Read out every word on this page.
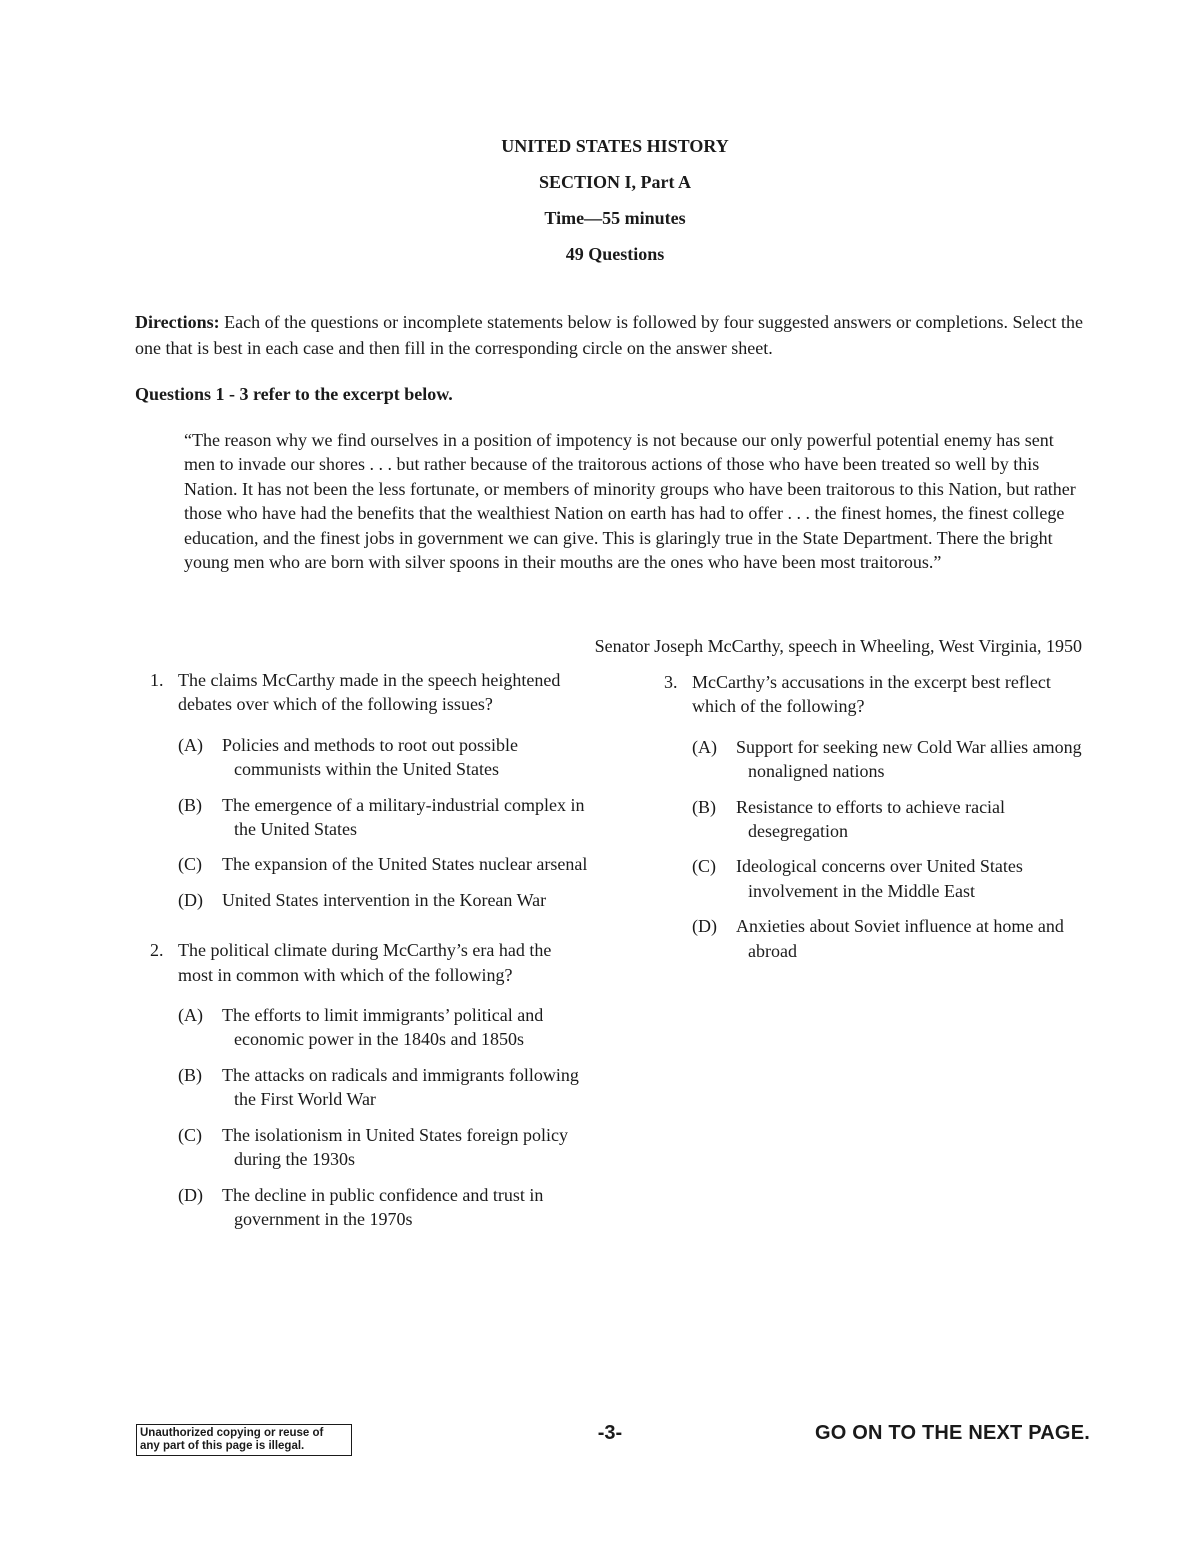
UNITED STATES HISTORY
SECTION I, Part A
Time—55 minutes
49 Questions
Directions: Each of the questions or incomplete statements below is followed by four suggested answers or completions. Select the one that is best in each case and then fill in the corresponding circle on the answer sheet.
Questions 1 - 3 refer to the excerpt below.
“The reason why we find ourselves in a position of impotency is not because our only powerful potential enemy has sent men to invade our shores . . . but rather because of the traitorous actions of those who have been treated so well by this Nation. It has not been the less fortunate, or members of minority groups who have been traitorous to this Nation, but rather those who have had the benefits that the wealthiest Nation on earth has had to offer . . . the finest homes, the finest college education, and the finest jobs in government we can give. This is glaringly true in the State Department. There the bright young men who are born with silver spoons in their mouths are the ones who have been most traitorous.”
Senator Joseph McCarthy, speech in Wheeling, West Virginia, 1950
1. The claims McCarthy made in the speech heightened debates over which of the following issues?
(A)	Policies and methods to root out possible communists within the United States
(B)	The emergence of a military-industrial complex in the United States
(C)	The expansion of the United States nuclear arsenal
(D)	United States intervention in the Korean War
2. The political climate during McCarthy’s era had the most in common with which of the following?
(A)	The efforts to limit immigrants’ political and economic power in the 1840s and 1850s
(B)	The attacks on radicals and immigrants following the First World War
(C)	The isolationism in United States foreign policy during the 1930s
(D)	The decline in public confidence and trust in government in the 1970s
3. McCarthy’s accusations in the excerpt best reflect which of the following?
(A)	Support for seeking new Cold War allies among nonaligned nations
(B)	Resistance to efforts to achieve racial desegregation
(C)	Ideological concerns over United States involvement in the Middle East
(D)	Anxieties about Soviet influence at home and abroad
Unauthorized copying or reuse of
any part of this page is illegal.
-3-	GO ON TO THE NEXT PAGE.
